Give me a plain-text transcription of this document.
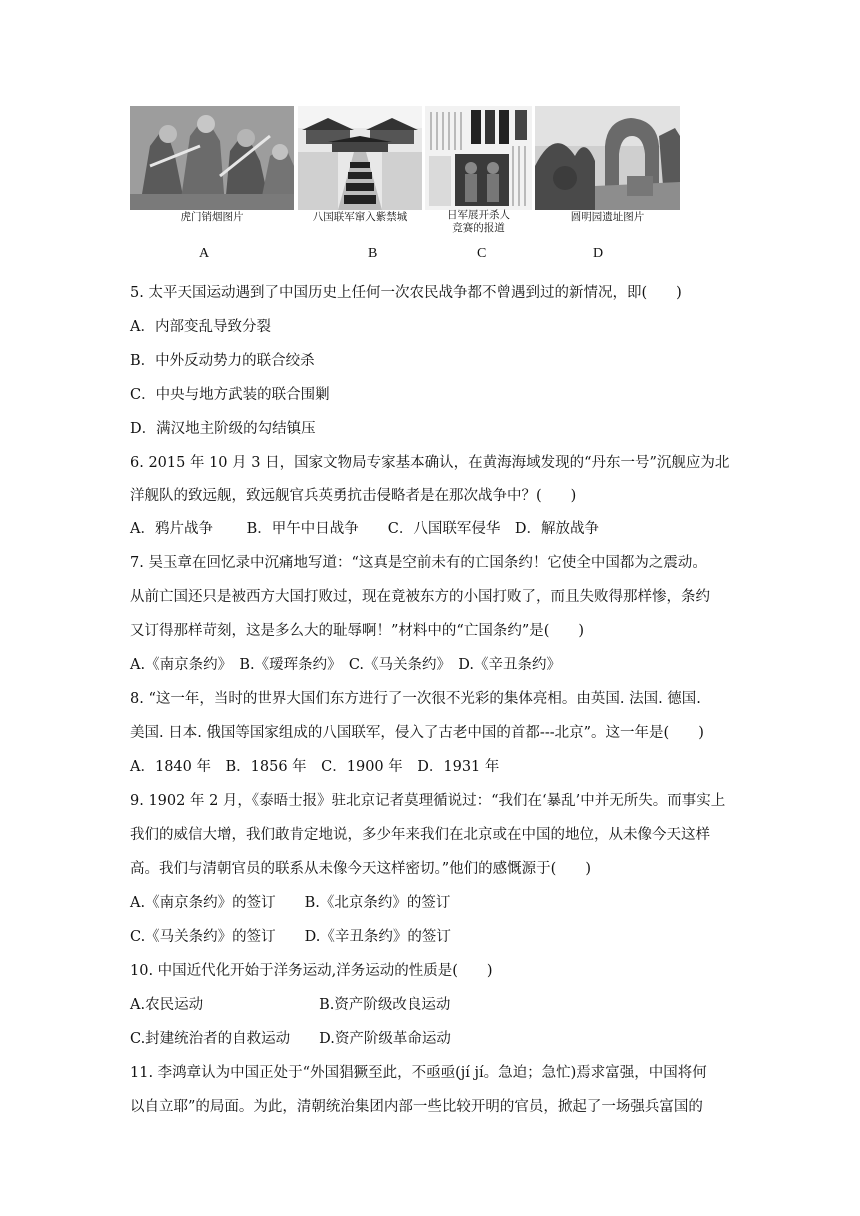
虎门销烟图片	八国联军窜入紫禁城	日军展开杀人
竞赛的报道
圆明园遗址图片
A	B	C	D
5. 太平天国运动遇到了中国历史上任何一次农民战争都不曾遇到过的新情况，即(　　)
A．内部变乱导致分裂
B．中外反动势力的联合绞杀
C．中央与地方武装的联合围剿
D．满汉地主阶级的勾结镇压
6. 2015 年 10 月 3 日，国家文物局专家基本确认，在黄海海域发现的“丹东一号”沉舰应为北
洋舰队的致远舰，致远舰官兵英勇抗击侵略者是在那次战争中？(　　)
A．鸦片战争　　 B．甲午中日战争　　C．八国联军侵华　D．解放战争
7. 吴玉章在回忆录中沉痛地写道：“这真是空前未有的亡国条约！它使全中国都为之震动。
从前亡国还只是被西方大国打败过，现在竟被东方的小国打败了，而且失败得那样惨，条约
又订得那样苛刻，这是多么大的耻辱啊！”材料中的“亡国条约”是(　　)
A.《南京条约》　B.《瑷珲条约》　C.《马关条约》　D.《辛丑条约》
8. “这一年，当时的世界大国们东方进行了一次很不光彩的集体亮相。由英国. 法国. 德国.
美国. 日本. 俄国等国家组成的八国联军，侵入了古老中国的首都---北京”。这一年是(　　)
A．1840 年　B．1856 年　C．1900 年　D．1931 年
9. 1902 年 2 月，《泰晤士报》驻北京记者莫理循说过：“我们在‘暴乱’中并无所失。而事实上
我们的威信大增，我们敢肯定地说，多少年来我们在北京或在中国的地位，从未像今天这样
高。我们与清朝官员的联系从未像今天这样密切。”他们的感慨源于(　　)
A.《南京条约》的签订　　B.《北京条约》的签订
C.《马关条约》的签订　　D.《辛丑条约》的签订
10. 中国近代化开始于洋务运动,洋务运动的性质是(　　)
A.农民运动　　　　　　　　B.资产阶级改良运动
C.封建统治者的自救运动　　D.资产阶级革命运动
11. 李鸿章认为中国正处于“外国猖獗至此，不亟亟(jí jí。急迫；急忙)焉求富强，中国将何
以自立耶”的局面。为此，清朝统治集团内部一些比较开明的官员，掀起了一场强兵富国的
